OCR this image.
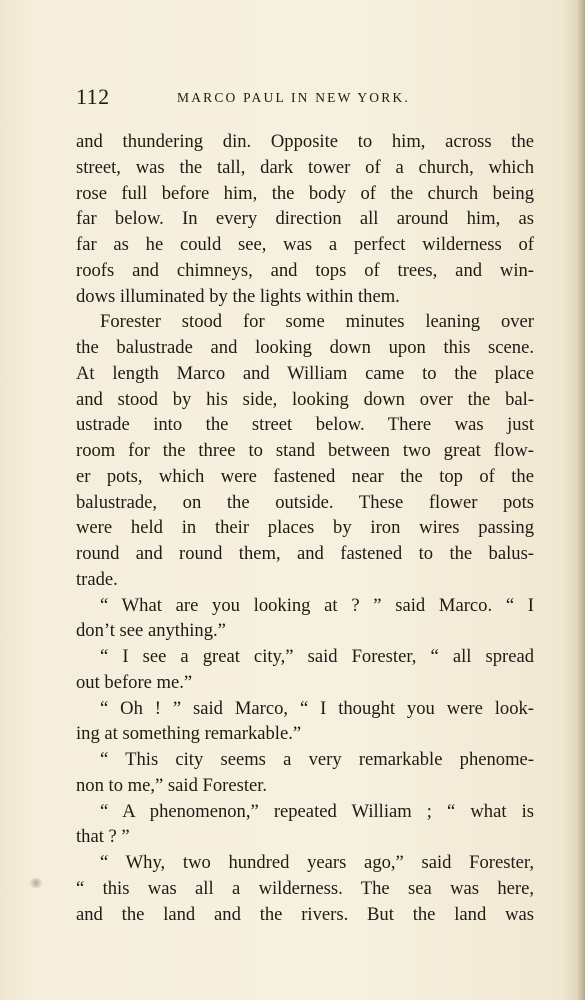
112	MARCO PAUL IN NEW YORK.
and thundering din. Opposite to him, across the
street, was the tall, dark tower of a church, which
rose full before him, the body of the church being
far below. In every direction all around him, as
far as he could see, was a perfect wilderness of
roofs and chimneys, and tops of trees, and win-
dows illuminated by the lights within them.
Forester stood for some minutes leaning over
the balustrade and looking down upon this scene.
At length Marco and William came to the place
and stood by his side, looking down over the bal-
ustrade into the street below. There was just
room for the three to stand between two great flow-
er pots, which were fastened near the top of the
balustrade, on the outside. These flower pots
were held in their places by iron wires passing
round and round them, and fastened to the balus-
trade.
“ What are you looking at ? ” said Marco. “ I
don’t see anything.”
“ I see a great city,” said Forester, “ all spread
out before me.”
“ Oh ! ” said Marco, “ I thought you were look-
ing at something remarkable.”
“ This city seems a very remarkable phenome-
non to me,” said Forester.
“ A phenomenon,” repeated William ; “ what is
that ? ”
“ Why, two hundred years ago,” said Forester,
“ this was all a wilderness. The sea was here,
and the land and the rivers. But the land was
